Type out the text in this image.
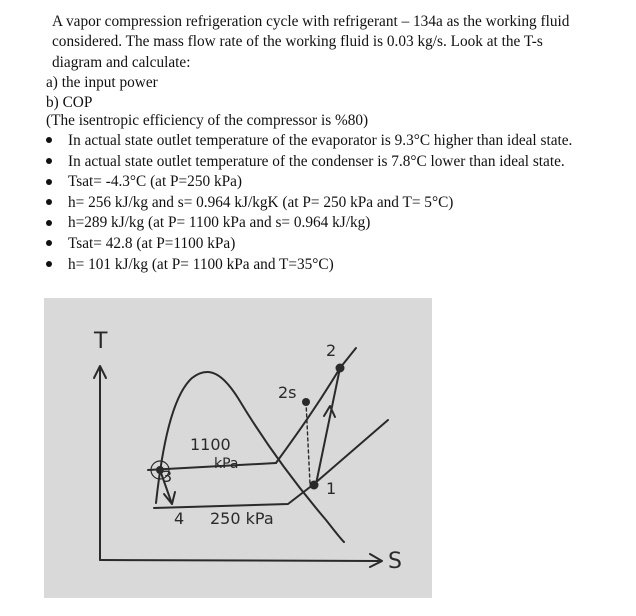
A vapor compression refrigeration cycle with refrigerant – 134a as the working fluid
considered. The mass flow rate of the working fluid is 0.03 kg/s. Look at the T-s
diagram and calculate:
a) the input power
b) COP
(The isentropic efficiency of the compressor is %80)
In actual state outlet temperature of the evaporator is 9.3°C higher than ideal state.
In actual state outlet temperature of the condenser is 7.8°C lower than ideal state.
Tsat= -4.3°C (at P=250 kPa)
h= 256 kJ/kg and s= 0.964 kJ/kgK (at P= 250 kPa and T= 5°C)
h=289 kJ/kg (at P= 1100 kPa and s= 0.964 kJ/kg)
Tsat= 42.8 (at P=1100 kPa)
h= 101 kJ/kg (at P= 1100 kPa and T=35°C)
T
S
1
2
2s
3
4
1100
kPa
250 kPa
